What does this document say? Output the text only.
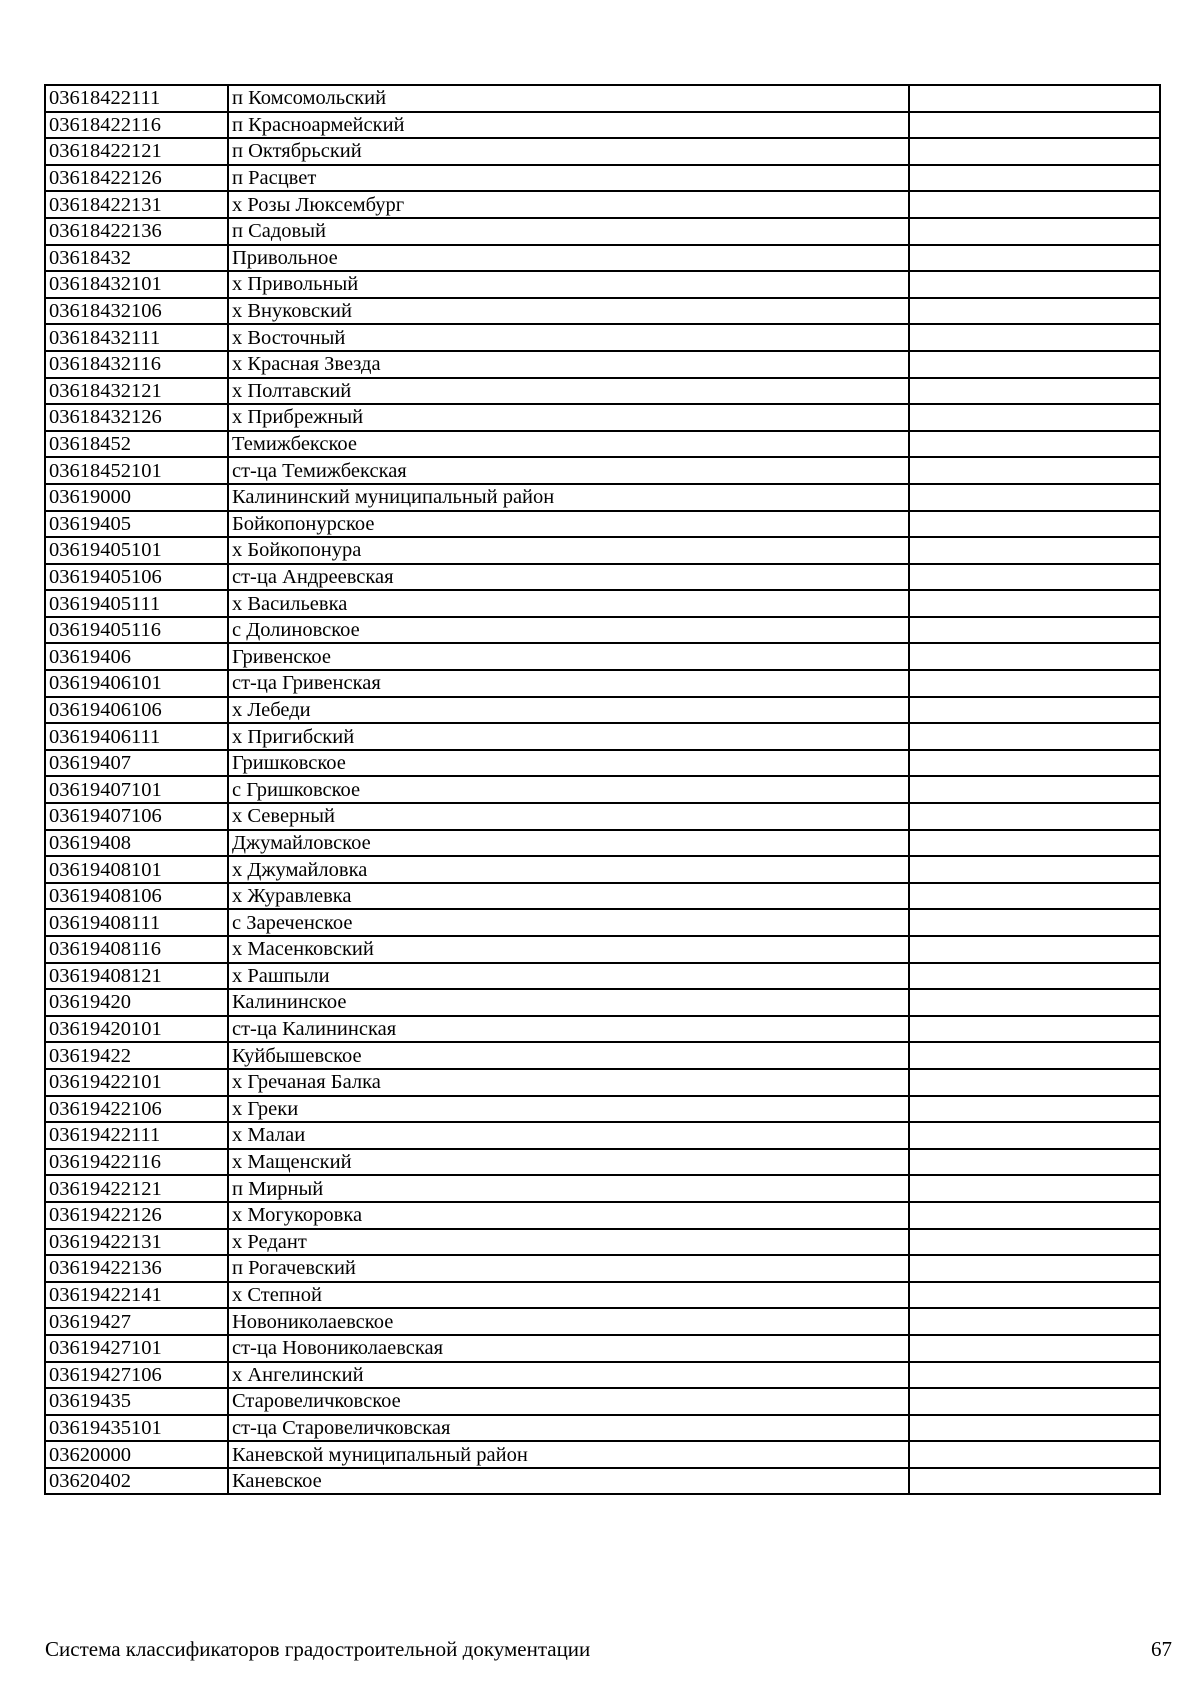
03618422111	п Комсомольский	
03618422116	п Красноармейский	
03618422121	п Октябрьский	
03618422126	п Расцвет	
03618422131	х Розы Люксембург	
03618422136	п Садовый	
03618432	Привольное	
03618432101	х Привольный	
03618432106	х Внуковский	
03618432111	х Восточный	
03618432116	х Красная Звезда	
03618432121	х Полтавский	
03618432126	х Прибрежный	
03618452	Темижбекское	
03618452101	ст-ца Темижбекская	
03619000	Калининский муниципальный район	
03619405	Бойкопонурское	
03619405101	х Бойкопонура	
03619405106	ст-ца Андреевская	
03619405111	х Васильевка	
03619405116	с Долиновское	
03619406	Гривенское	
03619406101	ст-ца Гривенская	
03619406106	х Лебеди	
03619406111	х Пригибский	
03619407	Гришковское	
03619407101	с Гришковское	
03619407106	х Северный	
03619408	Джумайловское	
03619408101	х Джумайловка	
03619408106	х Журавлевка	
03619408111	с Зареченское	
03619408116	х Масенковский	
03619408121	х Рашпыли	
03619420	Калининское	
03619420101	ст-ца Калининская	
03619422	Куйбышевское	
03619422101	х Гречаная Балка	
03619422106	х Греки	
03619422111	х Малаи	
03619422116	х Мащенский	
03619422121	п Мирный	
03619422126	х Могукоровка	
03619422131	х Редант	
03619422136	п Рогачевский	
03619422141	х Степной	
03619427	Новониколаевское	
03619427101	ст-ца Новониколаевская	
03619427106	х Ангелинский	
03619435	Старовеличковское	
03619435101	ст-ца Старовеличковская	
03620000	Каневской муниципальный район	
03620402	Каневское	
Система классификаторов градостроительной документации	67
